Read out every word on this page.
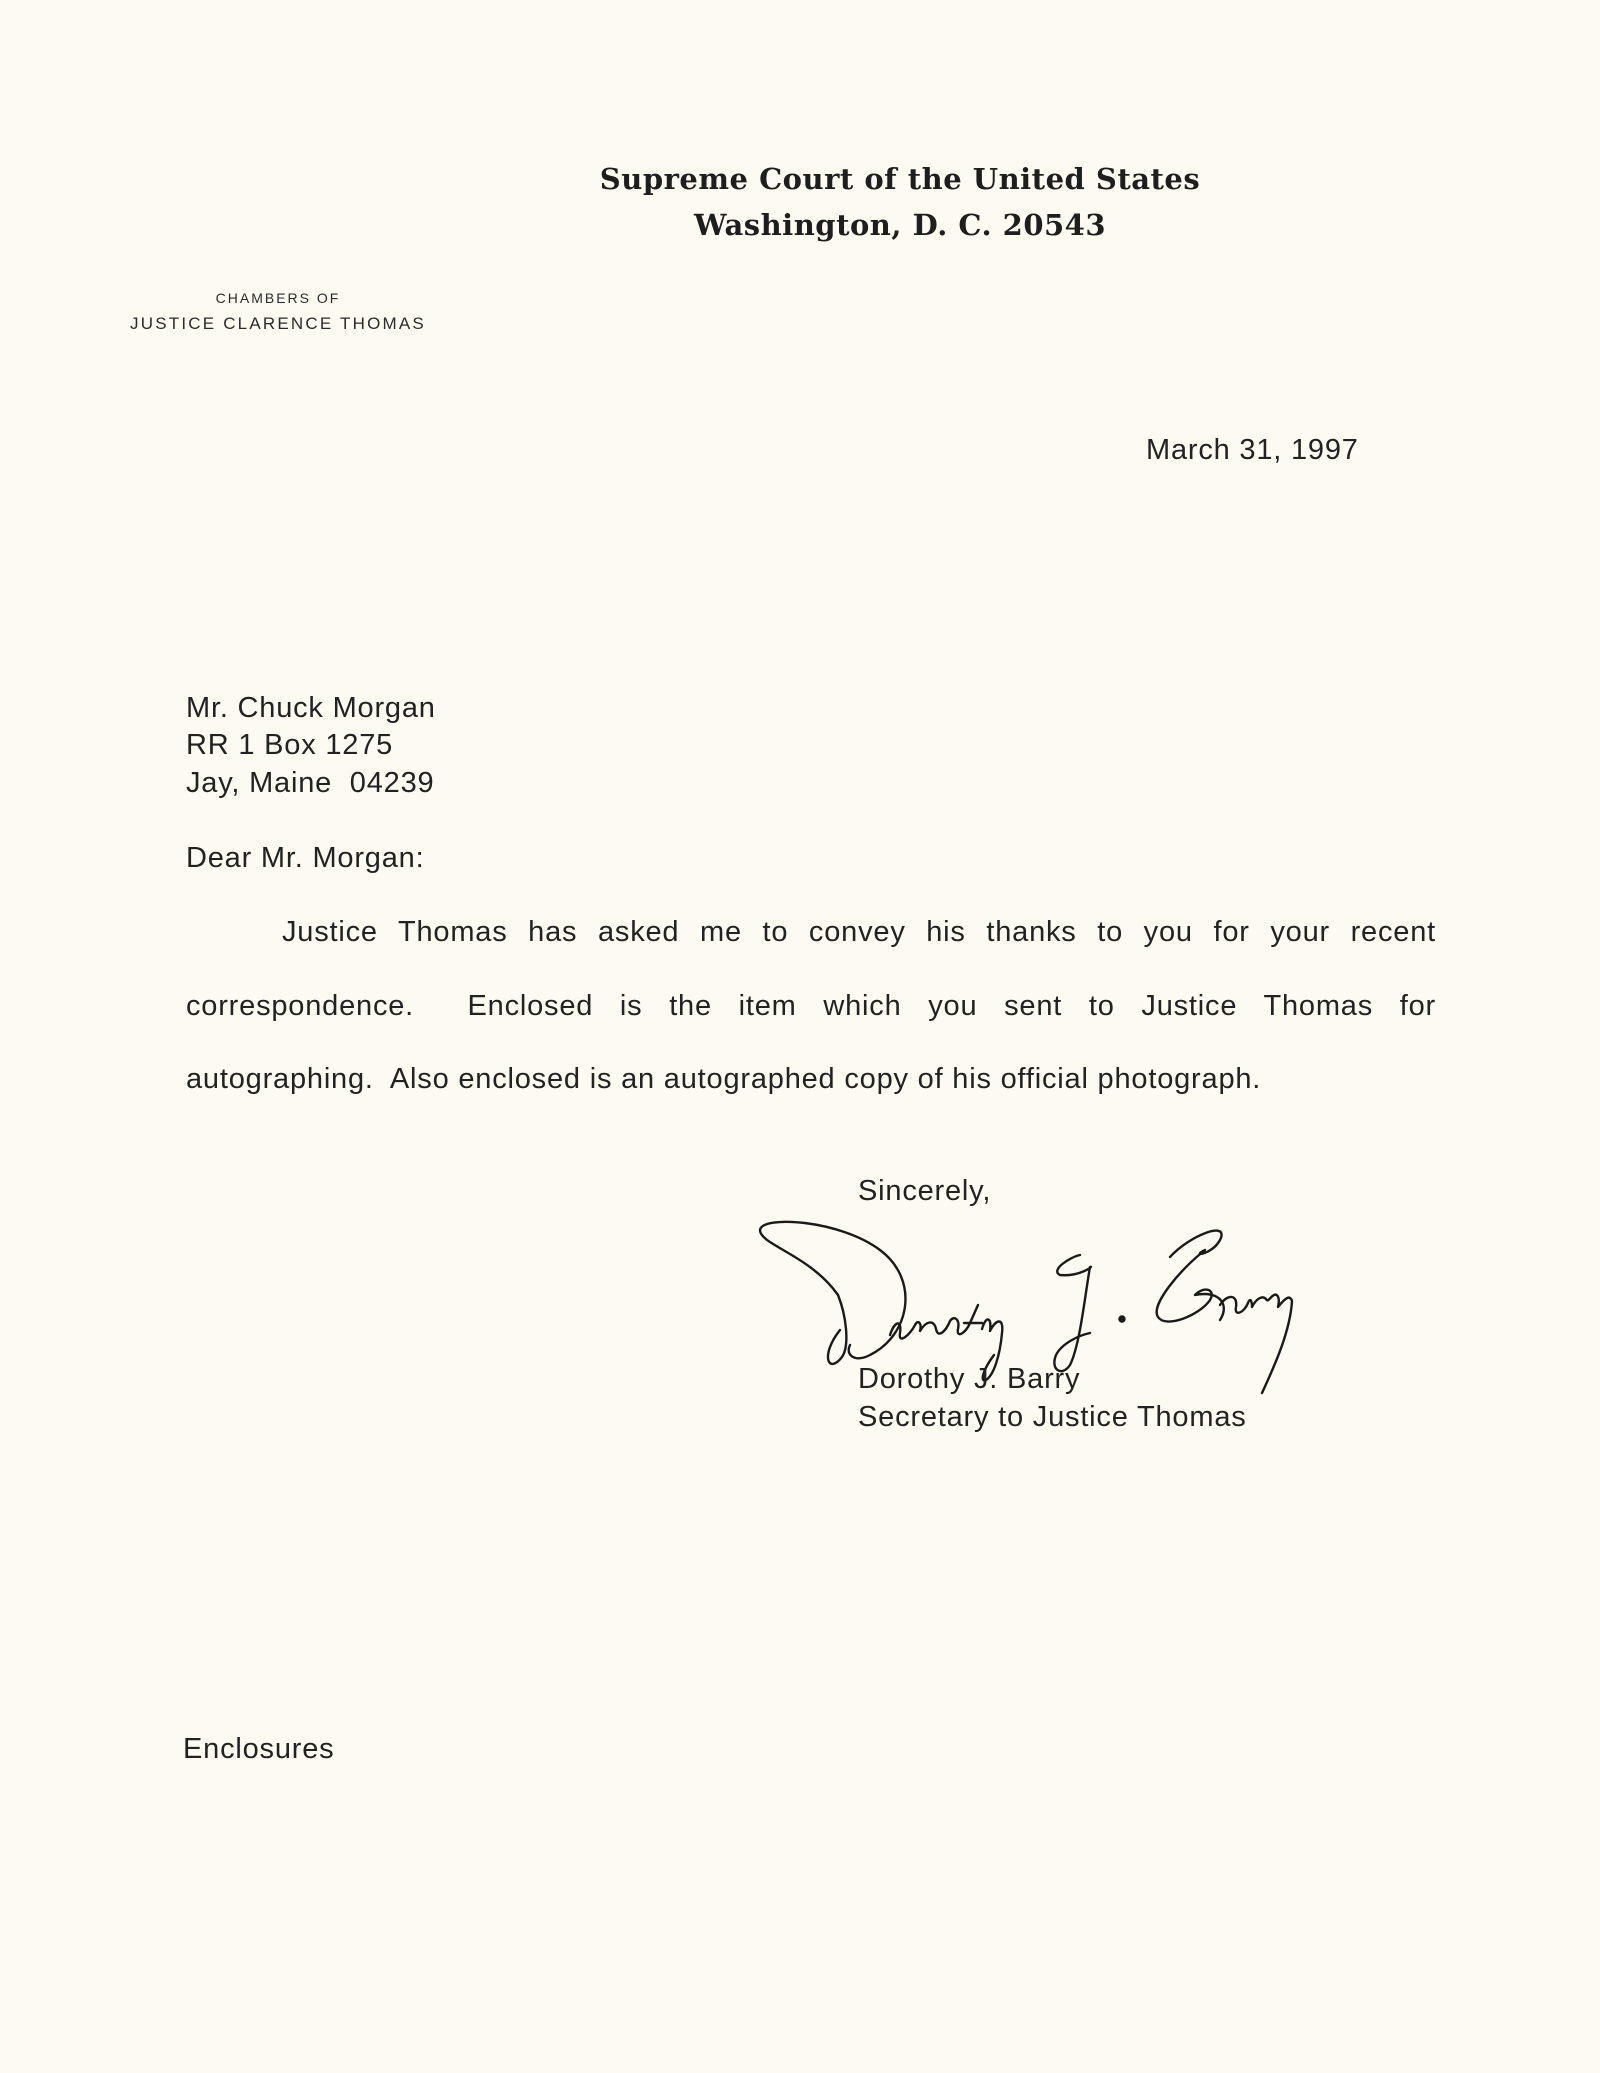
Supreme Court of the United States
Washington, D. C. 20543
CHAMBERS OF
JUSTICE CLARENCE THOMAS
March 31, 1997
Mr. Chuck Morgan
RR 1 Box 1275
Jay, Maine  04239
Dear Mr. Morgan:
Justice Thomas has asked me to convey his thanks to you for your recent
correspondence.  Enclosed is the item which you sent to Justice Thomas for
autographing.  Also enclosed is an autographed copy of his official photograph.
Sincerely,
Dorothy J. Barry
Secretary to Justice Thomas
Enclosures
